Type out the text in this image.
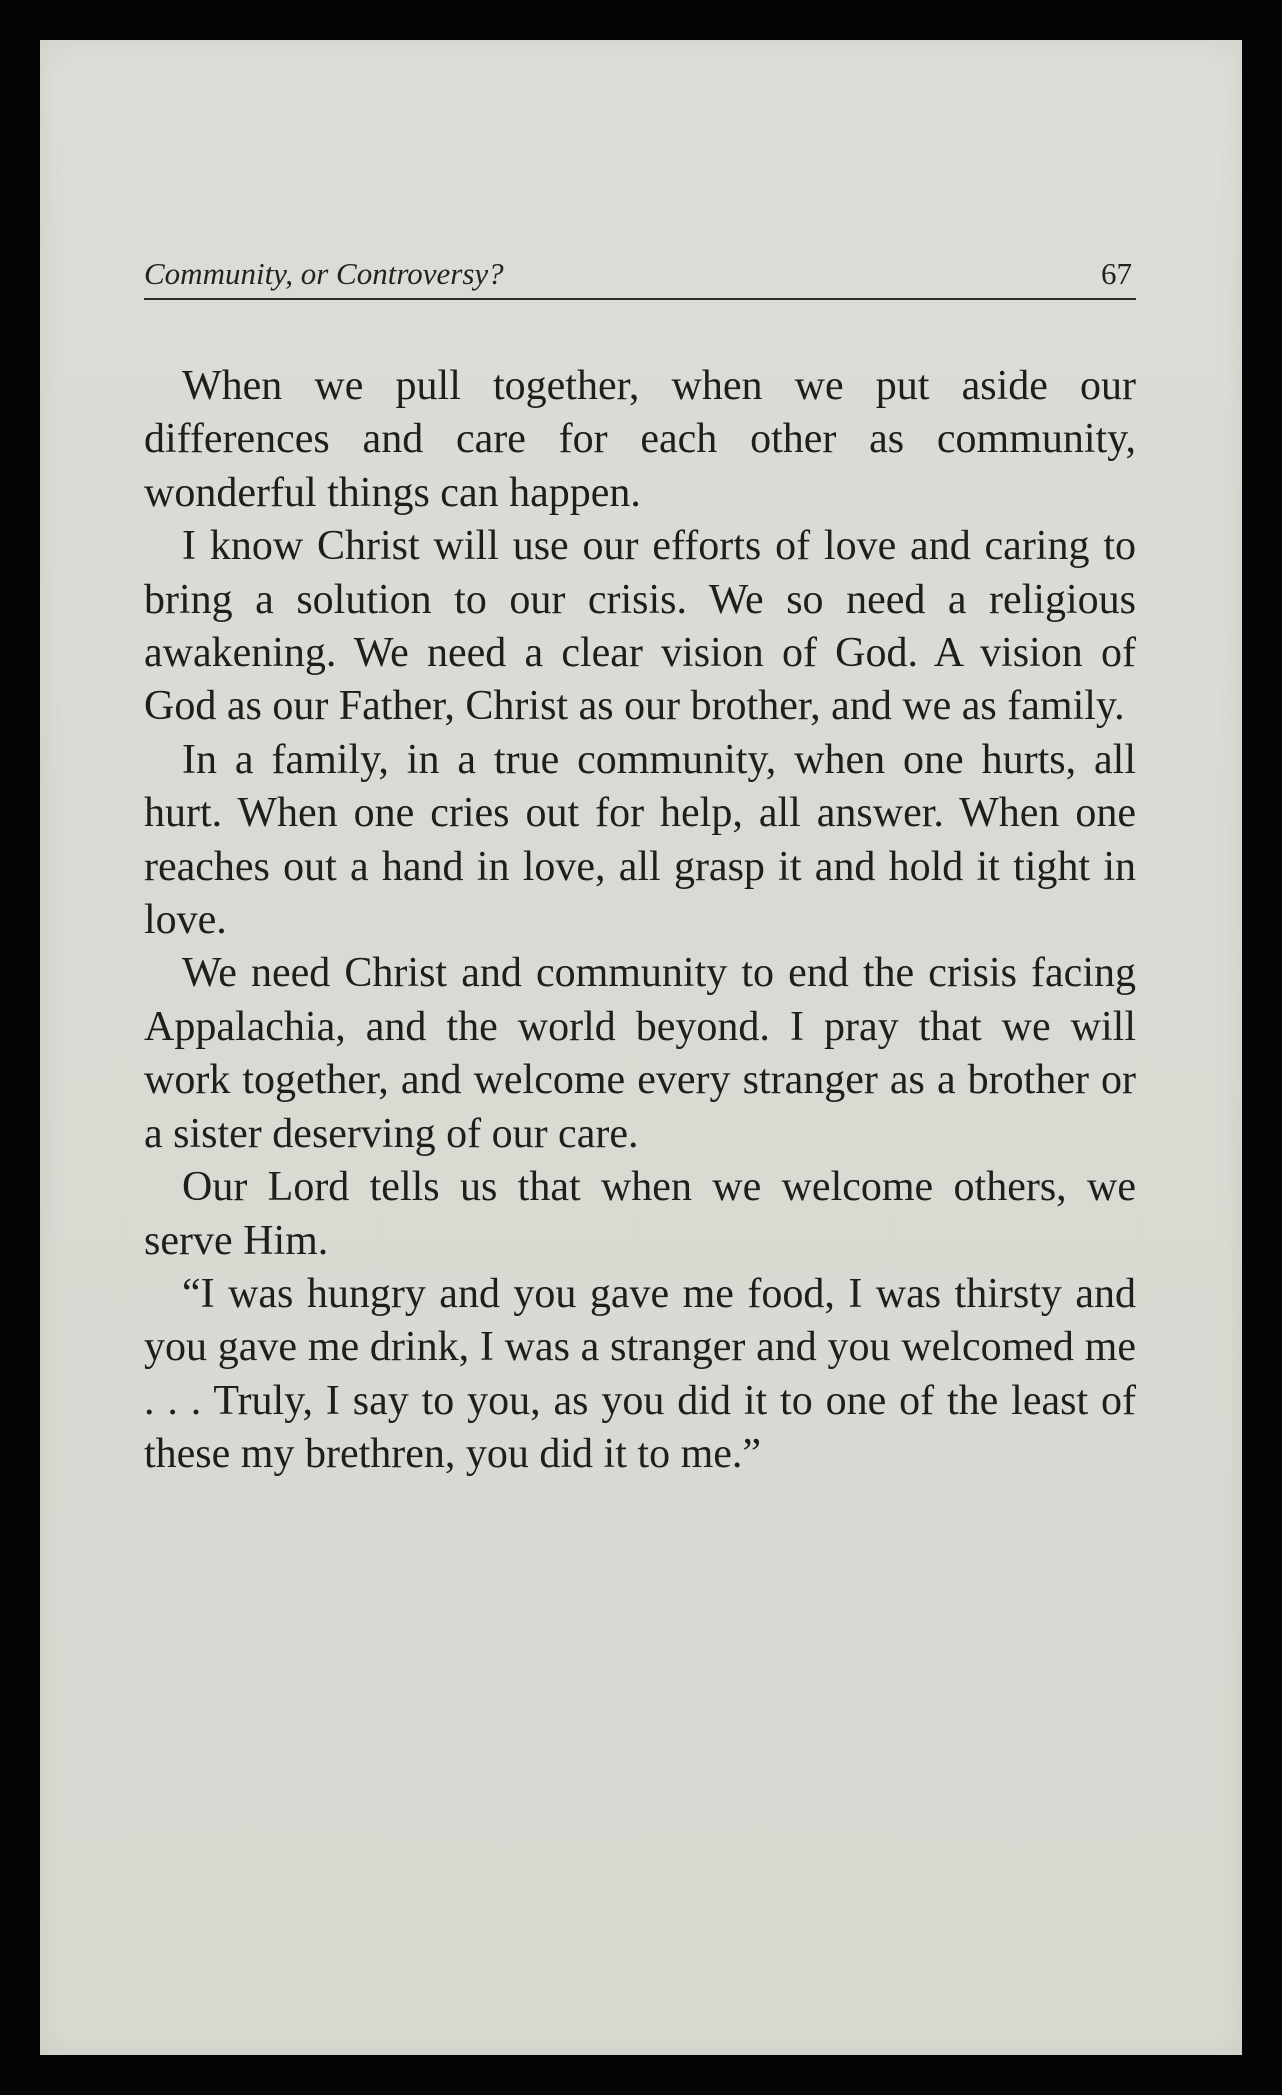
Community, or Controversy?	67

When we pull together, when we put aside our differences and care for each other as community, wonderful things can happen.

I know Christ will use our efforts of love and caring to bring a solution to our crisis. We so need a religious awakening. We need a clear vision of God. A vision of God as our Father, Christ as our brother, and we as family.

In a family, in a true community, when one hurts, all hurt. When one cries out for help, all answer. When one reaches out a hand in love, all grasp it and hold it tight in love.

We need Christ and community to end the crisis facing Appalachia, and the world beyond. I pray that we will work together, and welcome every stranger as a brother or a sister deserving of our care.

Our Lord tells us that when we welcome others, we serve Him.

“I was hungry and you gave me food, I was thirsty and you gave me drink, I was a stranger and you welcomed me . . . Truly, I say to you, as you did it to one of the least of these my brethren, you did it to me.”
